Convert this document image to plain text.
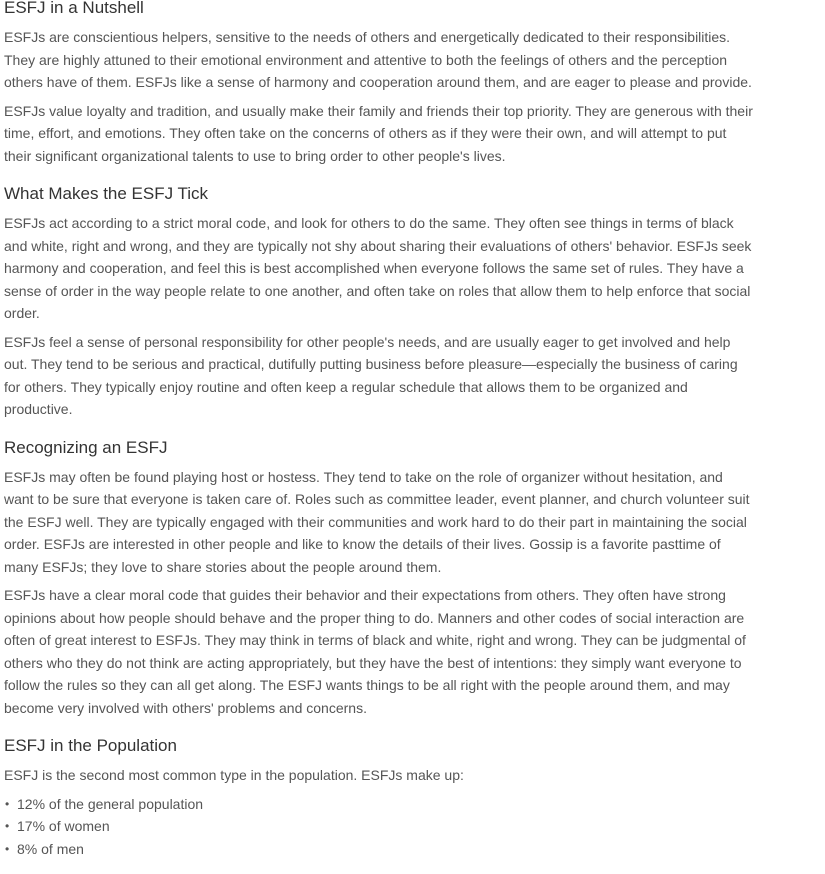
ESFJ in a Nutshell

ESFJs are conscientious helpers, sensitive to the needs of others and energetically dedicated to their responsibilities. They are highly attuned to their emotional environment and attentive to both the feelings of others and the perception others have of them. ESFJs like a sense of harmony and cooperation around them, and are eager to please and provide.

ESFJs value loyalty and tradition, and usually make their family and friends their top priority. They are generous with their time, effort, and emotions. They often take on the concerns of others as if they were their own, and will attempt to put their significant organizational talents to use to bring order to other people's lives.

What Makes the ESFJ Tick

ESFJs act according to a strict moral code, and look for others to do the same. They often see things in terms of black and white, right and wrong, and they are typically not shy about sharing their evaluations of others' behavior. ESFJs seek harmony and cooperation, and feel this is best accomplished when everyone follows the same set of rules. They have a sense of order in the way people relate to one another, and often take on roles that allow them to help enforce that social order.

ESFJs feel a sense of personal responsibility for other people's needs, and are usually eager to get involved and help out. They tend to be serious and practical, dutifully putting business before pleasure—especially the business of caring for others. They typically enjoy routine and often keep a regular schedule that allows them to be organized and productive.

Recognizing an ESFJ

ESFJs may often be found playing host or hostess. They tend to take on the role of organizer without hesitation, and want to be sure that everyone is taken care of. Roles such as committee leader, event planner, and church volunteer suit the ESFJ well. They are typically engaged with their communities and work hard to do their part in maintaining the social order. ESFJs are interested in other people and like to know the details of their lives. Gossip is a favorite pasttime of many ESFJs; they love to share stories about the people around them.

ESFJs have a clear moral code that guides their behavior and their expectations from others. They often have strong opinions about how people should behave and the proper thing to do. Manners and other codes of social interaction are often of great interest to ESFJs. They may think in terms of black and white, right and wrong. They can be judgmental of others who they do not think are acting appropriately, but they have the best of intentions: they simply want everyone to follow the rules so they can all get along. The ESFJ wants things to be all right with the people around them, and may become very involved with others' problems and concerns.

ESFJ in the Population

ESFJ is the second most common type in the population. ESFJs make up:

• 12% of the general population
• 17% of women
• 8% of men
